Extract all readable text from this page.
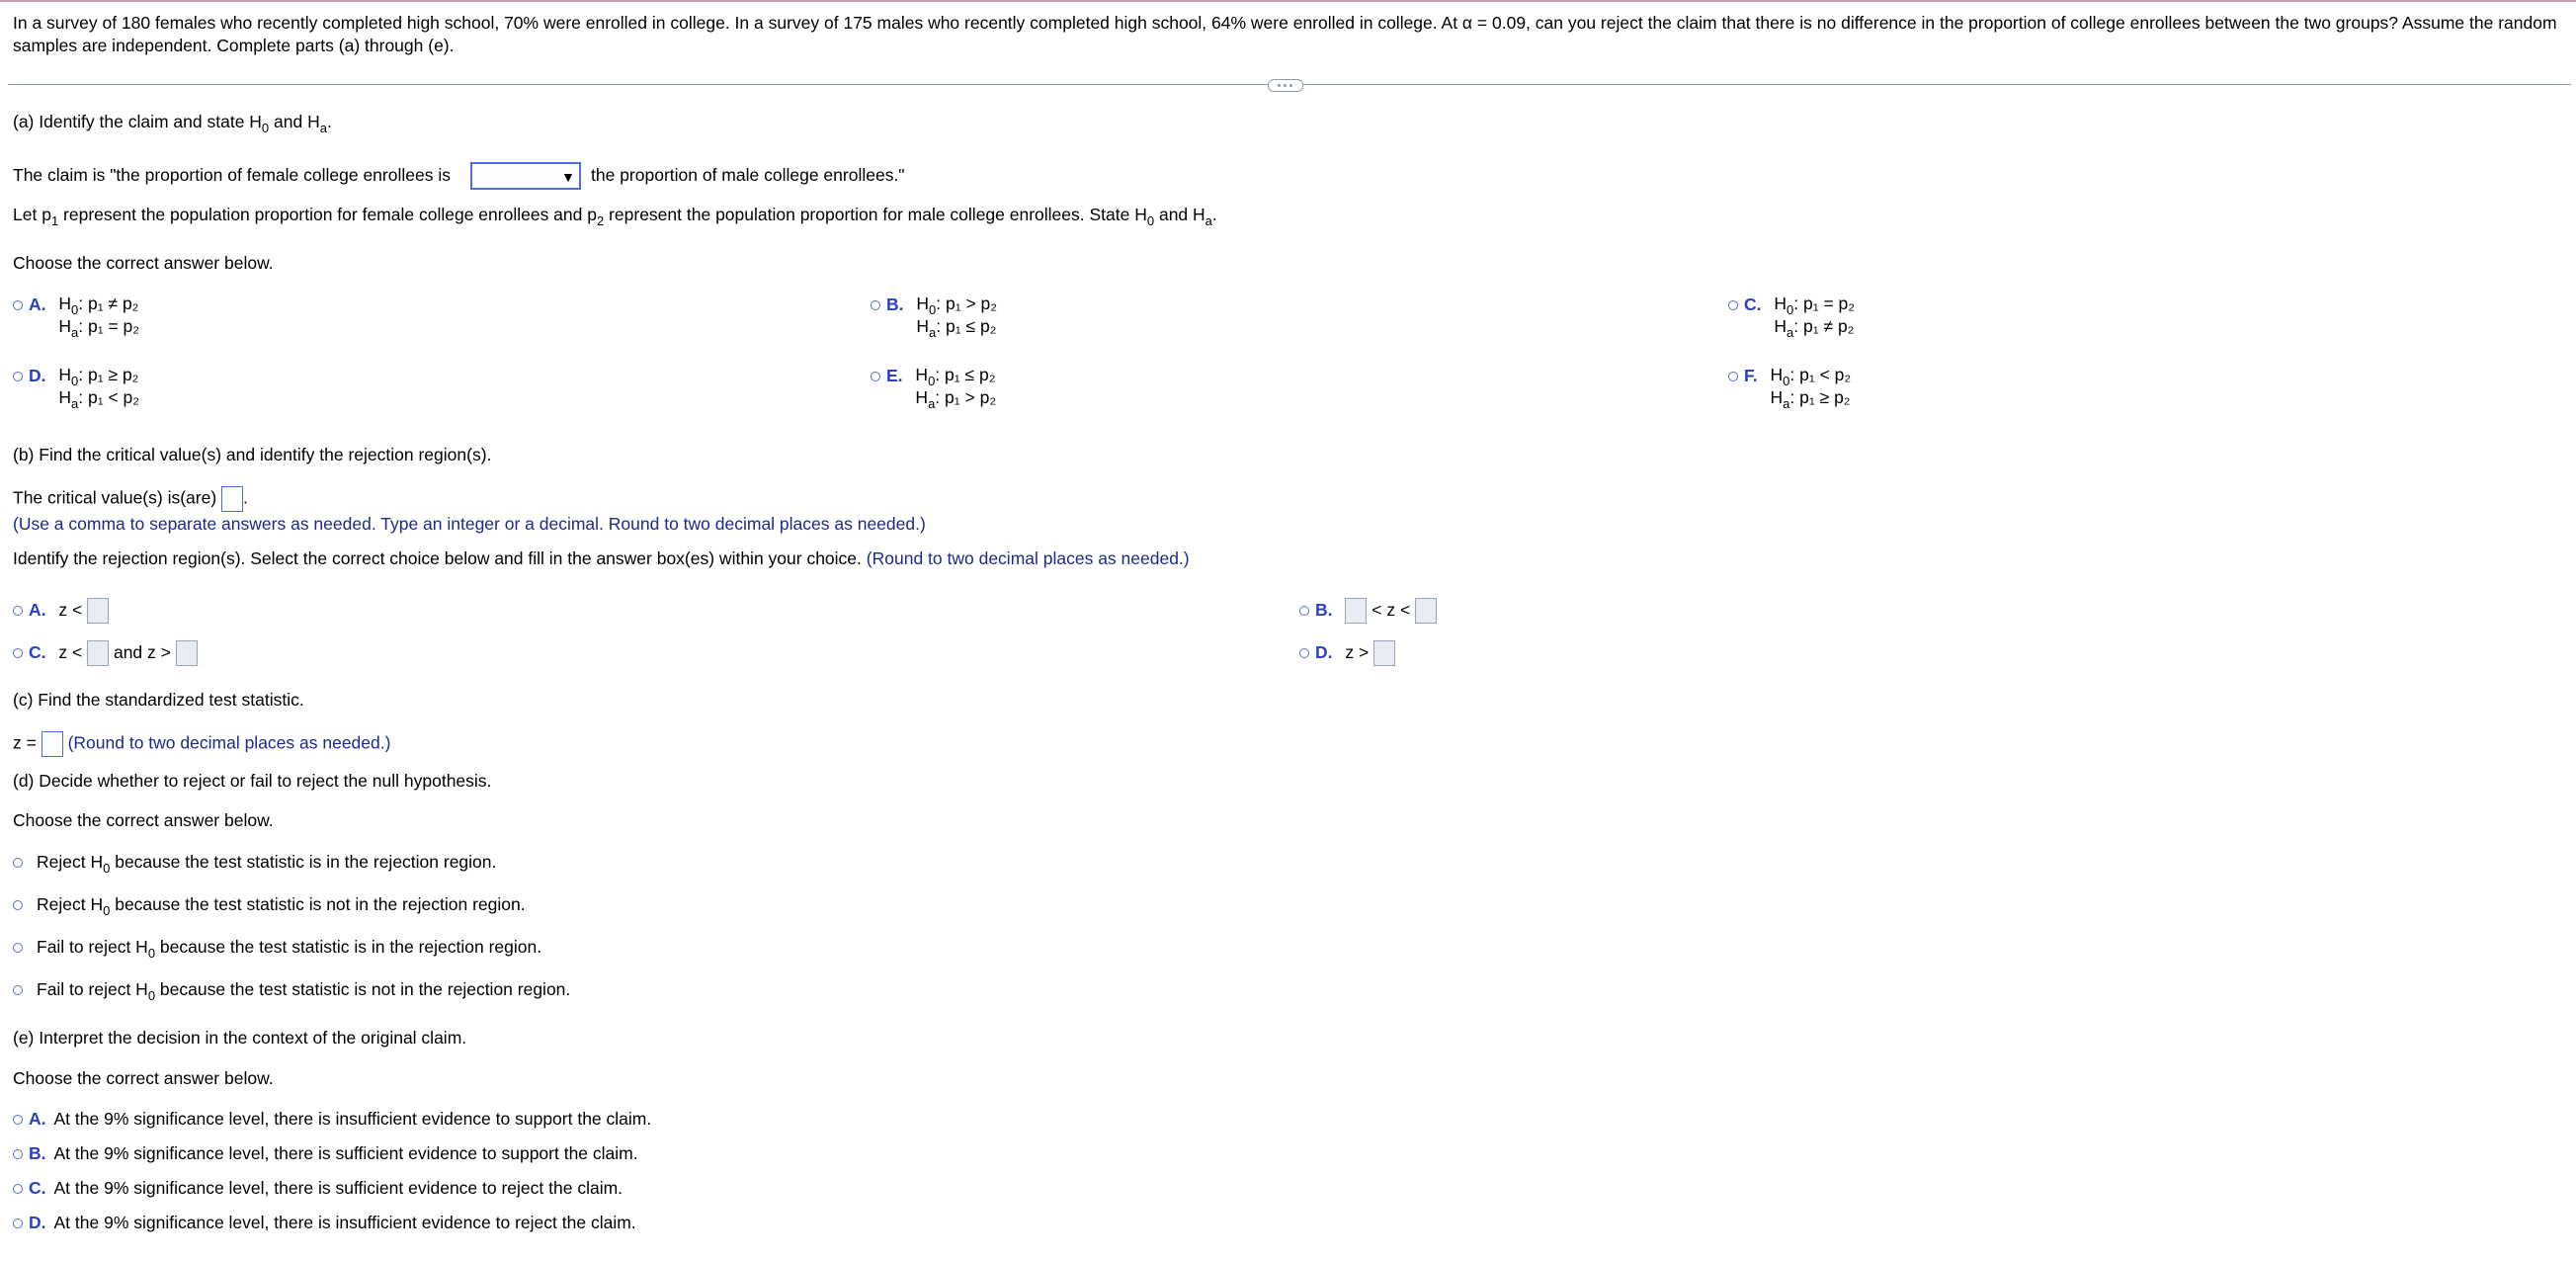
In a survey of 180 females who recently completed high school, 70% were enrolled in college. In a survey of 175 males who recently completed high school, 64% were enrolled in college. At α = 0.09, can you reject the claim that there is no difference in the proportion of college enrollees between the two groups? Assume the random samples are independent. Complete parts (a) through (e).
(a) Identify the claim and state $H_0$ and $H_a$.
The claim is "the proportion of female college enrollees is	▼ the proportion of male college enrollees."
Let $p_1$ represent the population proportion for female college enrollees and $p_2$ represent the population proportion for male college enrollees. State $H_0$ and $H_a$.
Choose the correct answer below.
A. $H_0$: p₁ ≠ p₂
$H_a$: p₁ = p₂
B. $H_0$: p₁ > p₂
$H_a$: p₁ ≤ p₂
C. $H_0$: p₁ = p₂
$H_a$: p₁ ≠ p₂
D. $H_0$: p₁ ≥ p₂
$H_a$: p₁ < p₂
E. $H_0$: p₁ ≤ p₂
$H_a$: p₁ > p₂
F. $H_0$: p₁ < p₂
$H_a$: p₁ ≥ p₂
(b) Find the critical value(s) and identify the rejection region(s).
The critical value(s) is(are) .
(Use a comma to separate answers as needed. Type an integer or a decimal. Round to two decimal places as needed.)
Identify the rejection region(s). Select the correct choice below and fill in the answer box(es) within your choice. (Round to two decimal places as needed.)
A. z <	B. < z <
C. z < and z >	D. z >
(c) Find the standardized test statistic.
z = (Round to two decimal places as needed.)
(d) Decide whether to reject or fail to reject the null hypothesis.
Choose the correct answer below.
Reject $H_0$ because the test statistic is in the rejection region.
Reject $H_0$ because the test statistic is not in the rejection region.
Fail to reject $H_0$ because the test statistic is in the rejection region.
Fail to reject $H_0$ because the test statistic is not in the rejection region.
(e) Interpret the decision in the context of the original claim.
Choose the correct answer below.
A. At the 9% significance level, there is insufficient evidence to support the claim.
B. At the 9% significance level, there is sufficient evidence to support the claim.
C. At the 9% significance level, there is sufficient evidence to reject the claim.
D. At the 9% significance level, there is insufficient evidence to reject the claim.
